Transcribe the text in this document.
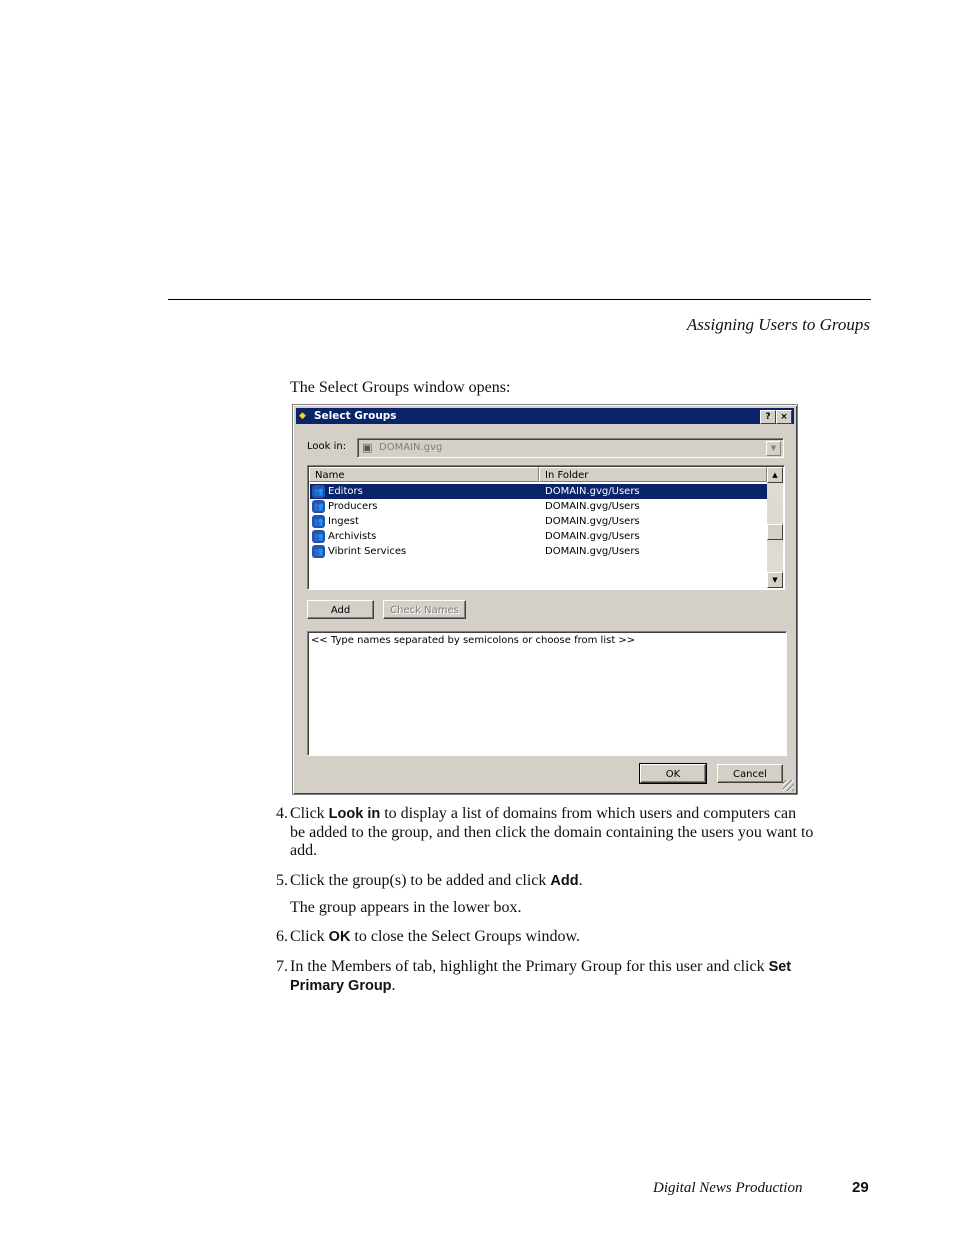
Assigning Users to Groups
The Select Groups window opens:
◆ Select Groups	?	×
Look in: ▣ DOMAIN.gvg	▼
Name	In Folder
👥 Editors	DOMAIN.gvg/Users
👥 Producers	DOMAIN.gvg/Users
👥 Ingest	DOMAIN.gvg/Users
👥 Archivists	DOMAIN.gvg/Users
👥 Vibrint Services	DOMAIN.gvg/Users
▲
▼
Add	Check Names
<< Type names separated by semicolons or choose from list >>
OK	Cancel
4. Click Look in to display a list of domains from which users and computers can be added to the group, and then click the domain containing the users you want to add.
5. Click the group(s) to be added and click Add.
The group appears in the lower box.
6. Click OK to close the Select Groups window.
7. In the Members of tab, highlight the Primary Group for this user and click Set Primary Group.
Digital News Production	29
